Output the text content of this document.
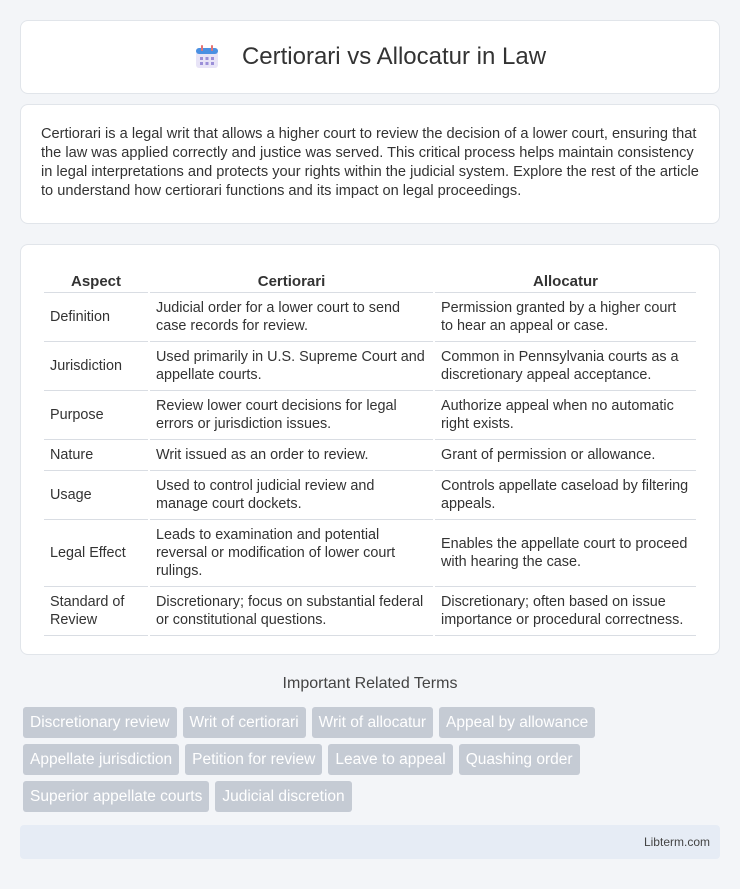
Certiorari vs Allocatur in Law

Certiorari is a legal writ that allows a higher court to review the decision of a lower court, ensuring that the law was applied correctly and justice was served. This critical process helps maintain consistency in legal interpretations and protects your rights within the judicial system. Explore the rest of the article to understand how certiorari functions and its impact on legal proceedings.

Aspect	Certiorari	Allocatur
Definition	Judicial order for a lower court to send case records for review.	Permission granted by a higher court to hear an appeal or case.
Jurisdiction	Used primarily in U.S. Supreme Court and appellate courts.	Common in Pennsylvania courts as a discretionary appeal acceptance.
Purpose	Review lower court decisions for legal errors or jurisdiction issues.	Authorize appeal when no automatic right exists.
Nature	Writ issued as an order to review.	Grant of permission or allowance.
Usage	Used to control judicial review and manage court dockets.	Controls appellate caseload by filtering appeals.
Legal Effect	Leads to examination and potential reversal or modification of lower court rulings.	Enables the appellate court to proceed with hearing the case.
Standard of Review	Discretionary; focus on substantial federal or constitutional questions.	Discretionary; often based on issue importance or procedural correctness.
Important Related Terms
Discretionary review	Writ of certiorari	Writ of allocatur	Appeal by allowance
Appellate jurisdiction	Petition for review	Leave to appeal	Quashing order
Superior appellate courts	Judicial discretion
Libterm.com
